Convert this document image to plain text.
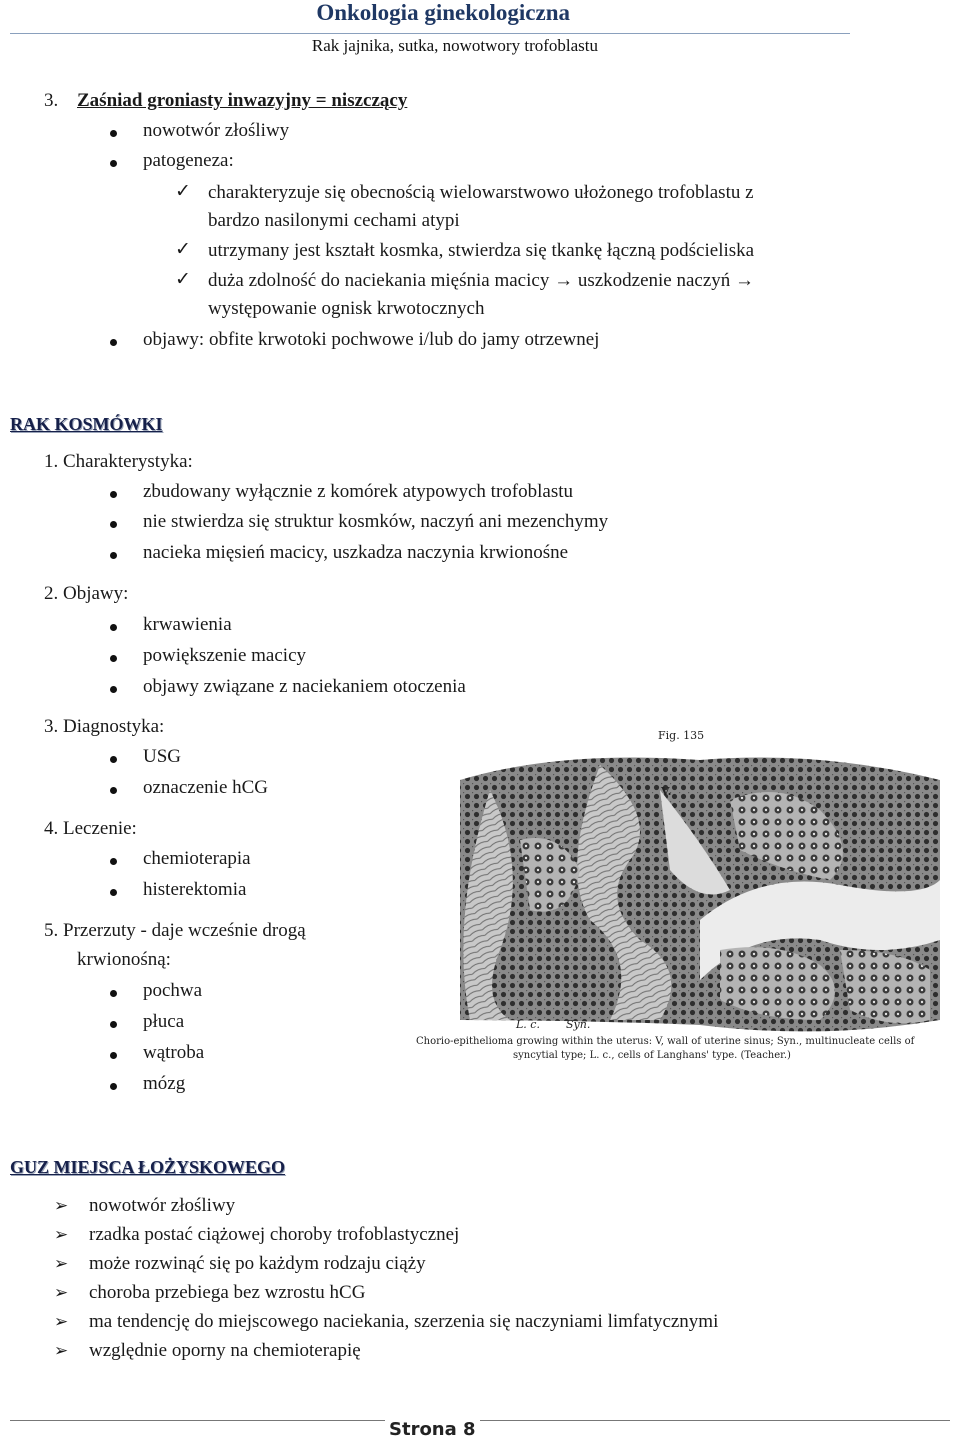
Onkologia ginekologiczna
Rak jajnika, sutka, nowotwory trofoblastu
3. Zaśniad groniasty inwazyjny = niszczący
nowotwór złośliwy
patogeneza:
✓ charakteryzuje się obecnością wielowarstwowo ułożonego trofoblastu z
bardzo nasilonymi cechami atypi
✓ utrzymany jest kształt kosmka, stwierdza się tkankę łączną podścieliska
✓ duża zdolność do naciekania mięśnia macicy → uszkodzenie naczyń →
występowanie ognisk krwotocznych
objawy: obfite krwotoki pochwowe i/lub do jamy otrzewnej
RAK KOSMÓWKI
1. Charakterystyka:
zbudowany wyłącznie z komórek atypowych trofoblastu
nie stwierdza się struktur kosmków, naczyń ani mezenchymy
nacieka mięsień macicy, uszkadza naczynia krwionośne
2. Objawy:
krwawienia
powiększenie macicy
objawy związane z naciekaniem otoczenia
3. Diagnostyka:
USG
oznaczenie hCG
4. Leczenie:
chemioterapia
histerektomia
5. Przerzuty - daje wcześnie drogą
krwionośną:
pochwa
płuca
wątroba
mózg
Fig. 135
V.
L. c. Syn.
Chorio-epithelioma growing within the uterus: V, wall of uterine sinus; Syn., multinucleate cells of
syncytial type; L. c., cells of Langhans' type. (Teacher.)
GUZ MIEJSCA ŁOŻYSKOWEGO
➢ nowotwór złośliwy
➢ rzadka postać ciążowej choroby trofoblastycznej
➢ może rozwinąć się po każdym rodzaju ciąży
➢ choroba przebiega bez wzrostu hCG
➢ ma tendencję do miejscowego naciekania, szerzenia się naczyniami limfatycznymi
➢ względnie oporny na chemioterapię
Strona 8
